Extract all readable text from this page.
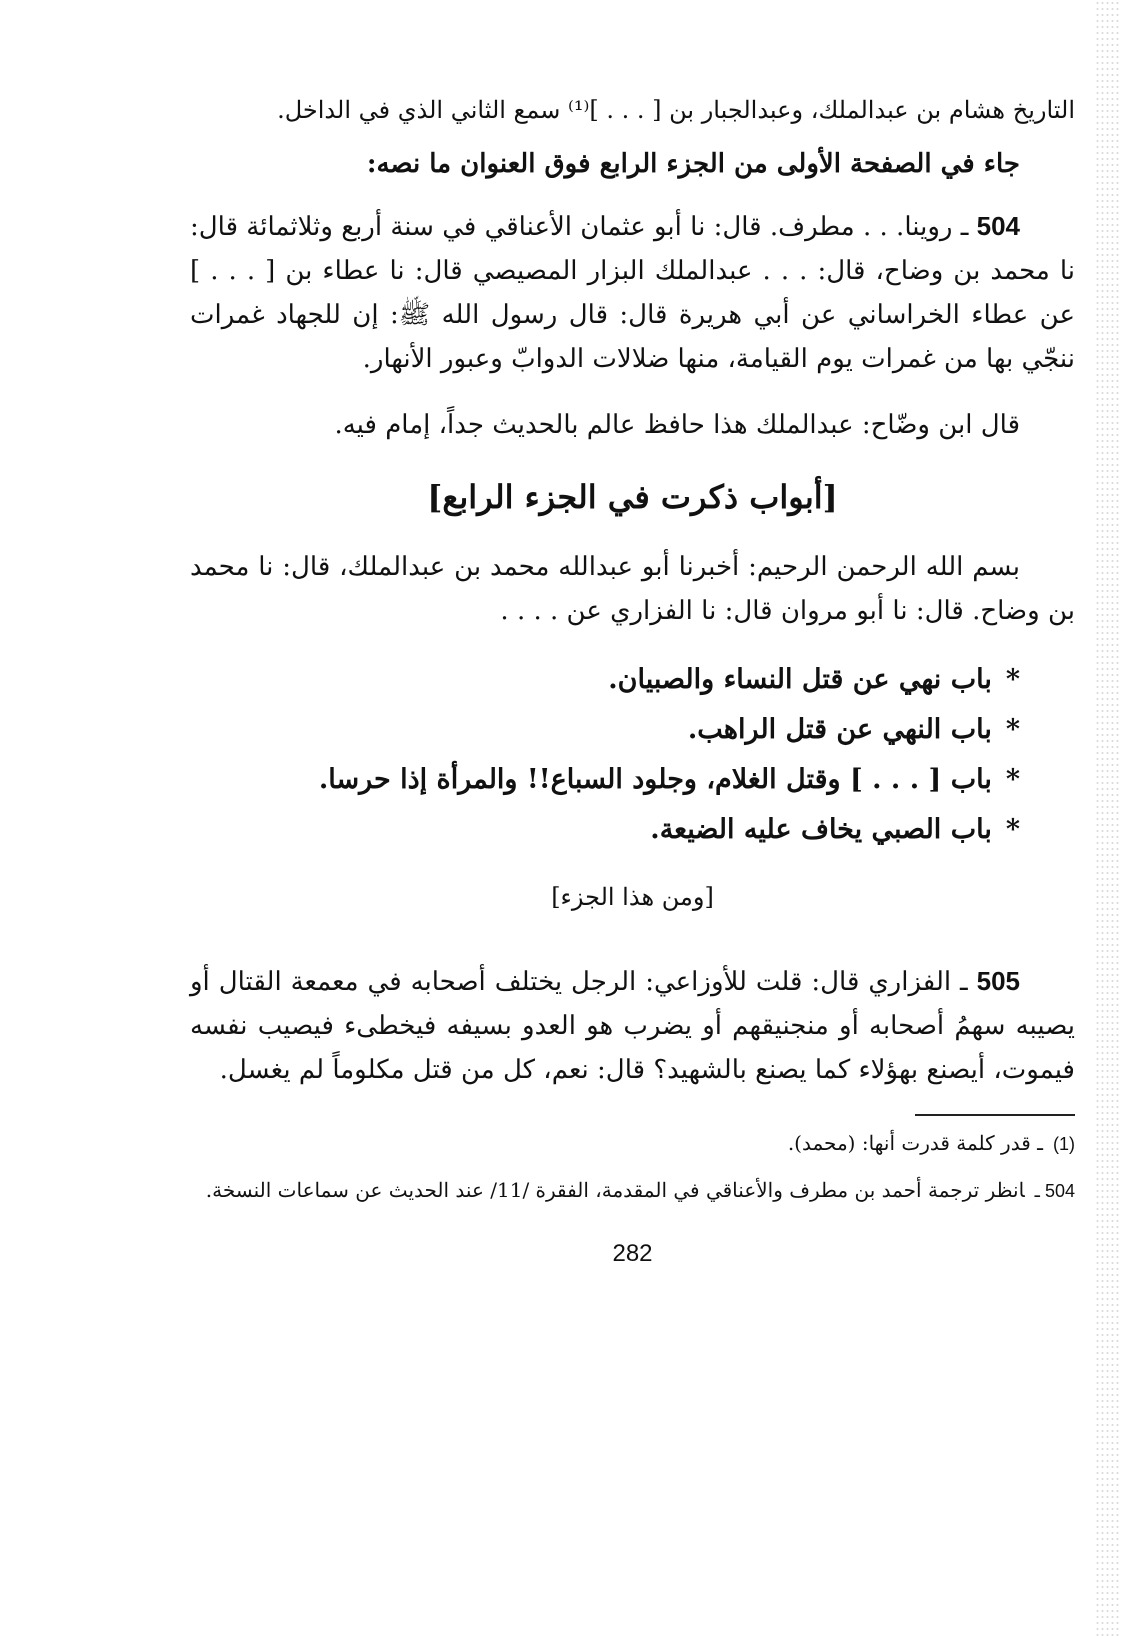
التاريخ هشام بن عبدالملك، وعبدالجبار بن [ . . . ]⁽¹⁾ سمع الثاني الذي في الداخل.

جاء في الصفحة الأولى من الجزء الرابع فوق العنوان ما نصه:

504 ـ روينا. . . مطرف. قال: نا أبو عثمان الأعناقي في سنة أربع وثلاثمائة قال: نا محمد بن وضاح، قال: . . . عبدالملك البزار المصيصي قال: نا عطاء بن [ . . . ] عن عطاء الخراساني عن أبي هريرة قال: قال رسول الله ﷺ: إن للجهاد غمرات ننجّي بها من غمرات يوم القيامة، منها ضلالات الدوابّ وعبور الأنهار.

قال ابن وضّاح: عبدالملك هذا حافظ عالم بالحديث جداً، إمام فيه.

[أبواب ذكرت في الجزء الرابع]

بسم الله الرحمن الرحيم: أخبرنا أبو عبدالله محمد بن عبدالملك، قال: نا محمد بن وضاح. قال: نا أبو مروان قال: نا الفزاري عن . . . .

*باب نهي عن قتل النساء والصبيان.
*باب النهي عن قتل الراهب.
*باب [ . . . ] وقتل الغلام، وجلود السباع!! والمرأة إذا حرسا.
*باب الصبي يخاف عليه الضيعة.
[ومن هذا الجزء]

505 ـ الفزاري قال: قلت للأوزاعي: الرجل يختلف أصحابه في معمعة القتال أو يصيبه سهمُ أصحابه أو منجنيقهم أو يضرب هو العدو بسيفه فيخطىء فيصيب نفسه فيموت، أيصنع بهؤلاء كما يصنع بالشهيد؟ قال: نعم، كل من قتل مكلوماً لم يغسل.

(1)ـ قدر كلمة قدرت أنها: (محمد).

504 ـانظر ترجمة أحمد بن مطرف والأعناقي في المقدمة، الفقرة /11/ عند الحديث عن سماعات النسخة.

282
